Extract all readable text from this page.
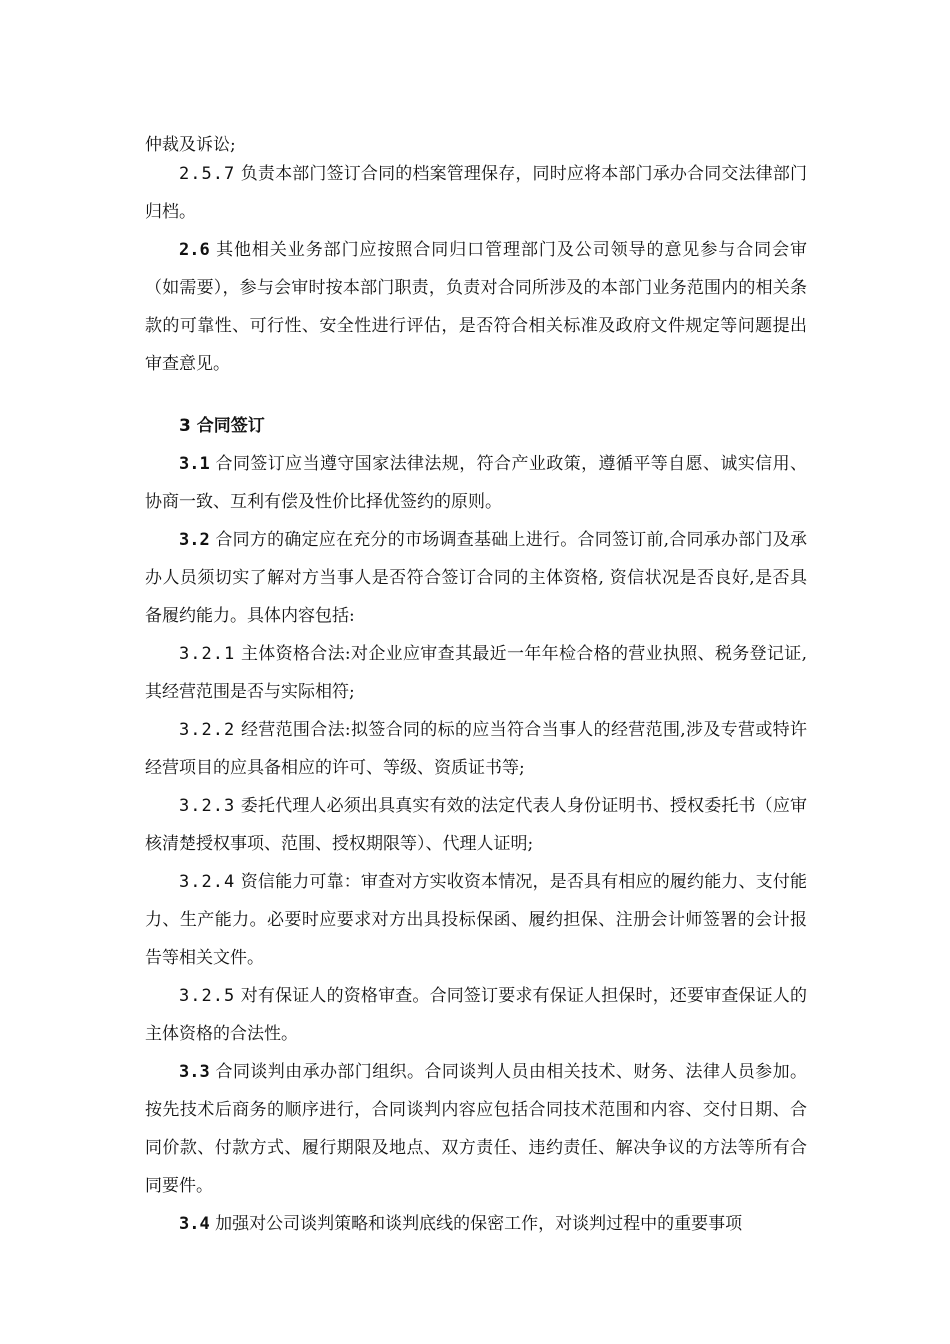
仲裁及诉讼;

2.5.7 负责本部门签订合同的档案管理保存，同时应将本部门承办合同交法律部门归档。

2.6 其他相关业务部门应按照合同归口管理部门及公司领导的意见参与合同会审（如需要），参与会审时按本部门职责，负责对合同所涉及的本部门业务范围内的相关条款的可靠性、可行性、安全性进行评估，是否符合相关标准及政府文件规定等问题提出审查意见。

3 合同签订

3.1 合同签订应当遵守国家法律法规，符合产业政策，遵循平等自愿、诚实信用、协商一致、互利有偿及性价比择优签约的原则。

3.2 合同方的确定应在充分的市场调查基础上进行。合同签订前,合同承办部门及承办人员须切实了解对方当事人是否符合签订合同的主体资格, 资信状况是否良好,是否具备履约能力。具体内容包括:

3.2.1 主体资格合法:对企业应审查其最近一年年检合格的营业执照、税务登记证,其经营范围是否与实际相符;

3.2.2 经营范围合法:拟签合同的标的应当符合当事人的经营范围,涉及专营或特许经营项目的应具备相应的许可、等级、资质证书等;

3.2.3 委托代理人必须出具真实有效的法定代表人身份证明书、授权委托书（应审核清楚授权事项、范围、授权期限等）、代理人证明;

3.2.4 资信能力可靠：审查对方实收资本情况，是否具有相应的履约能力、支付能力、生产能力。必要时应要求对方出具投标保函、履约担保、注册会计师签署的会计报告等相关文件。

3.2.5 对有保证人的资格审查。合同签订要求有保证人担保时，还要审查保证人的主体资格的合法性。

3.3 合同谈判由承办部门组织。合同谈判人员由相关技术、财务、法律人员参加。按先技术后商务的顺序进行，合同谈判内容应包括合同技术范围和内容、交付日期、合同价款、付款方式、履行期限及地点、双方责任、违约责任、解决争议的方法等所有合同要件。

3.4 加强对公司谈判策略和谈判底线的保密工作，对谈判过程中的重要事项
